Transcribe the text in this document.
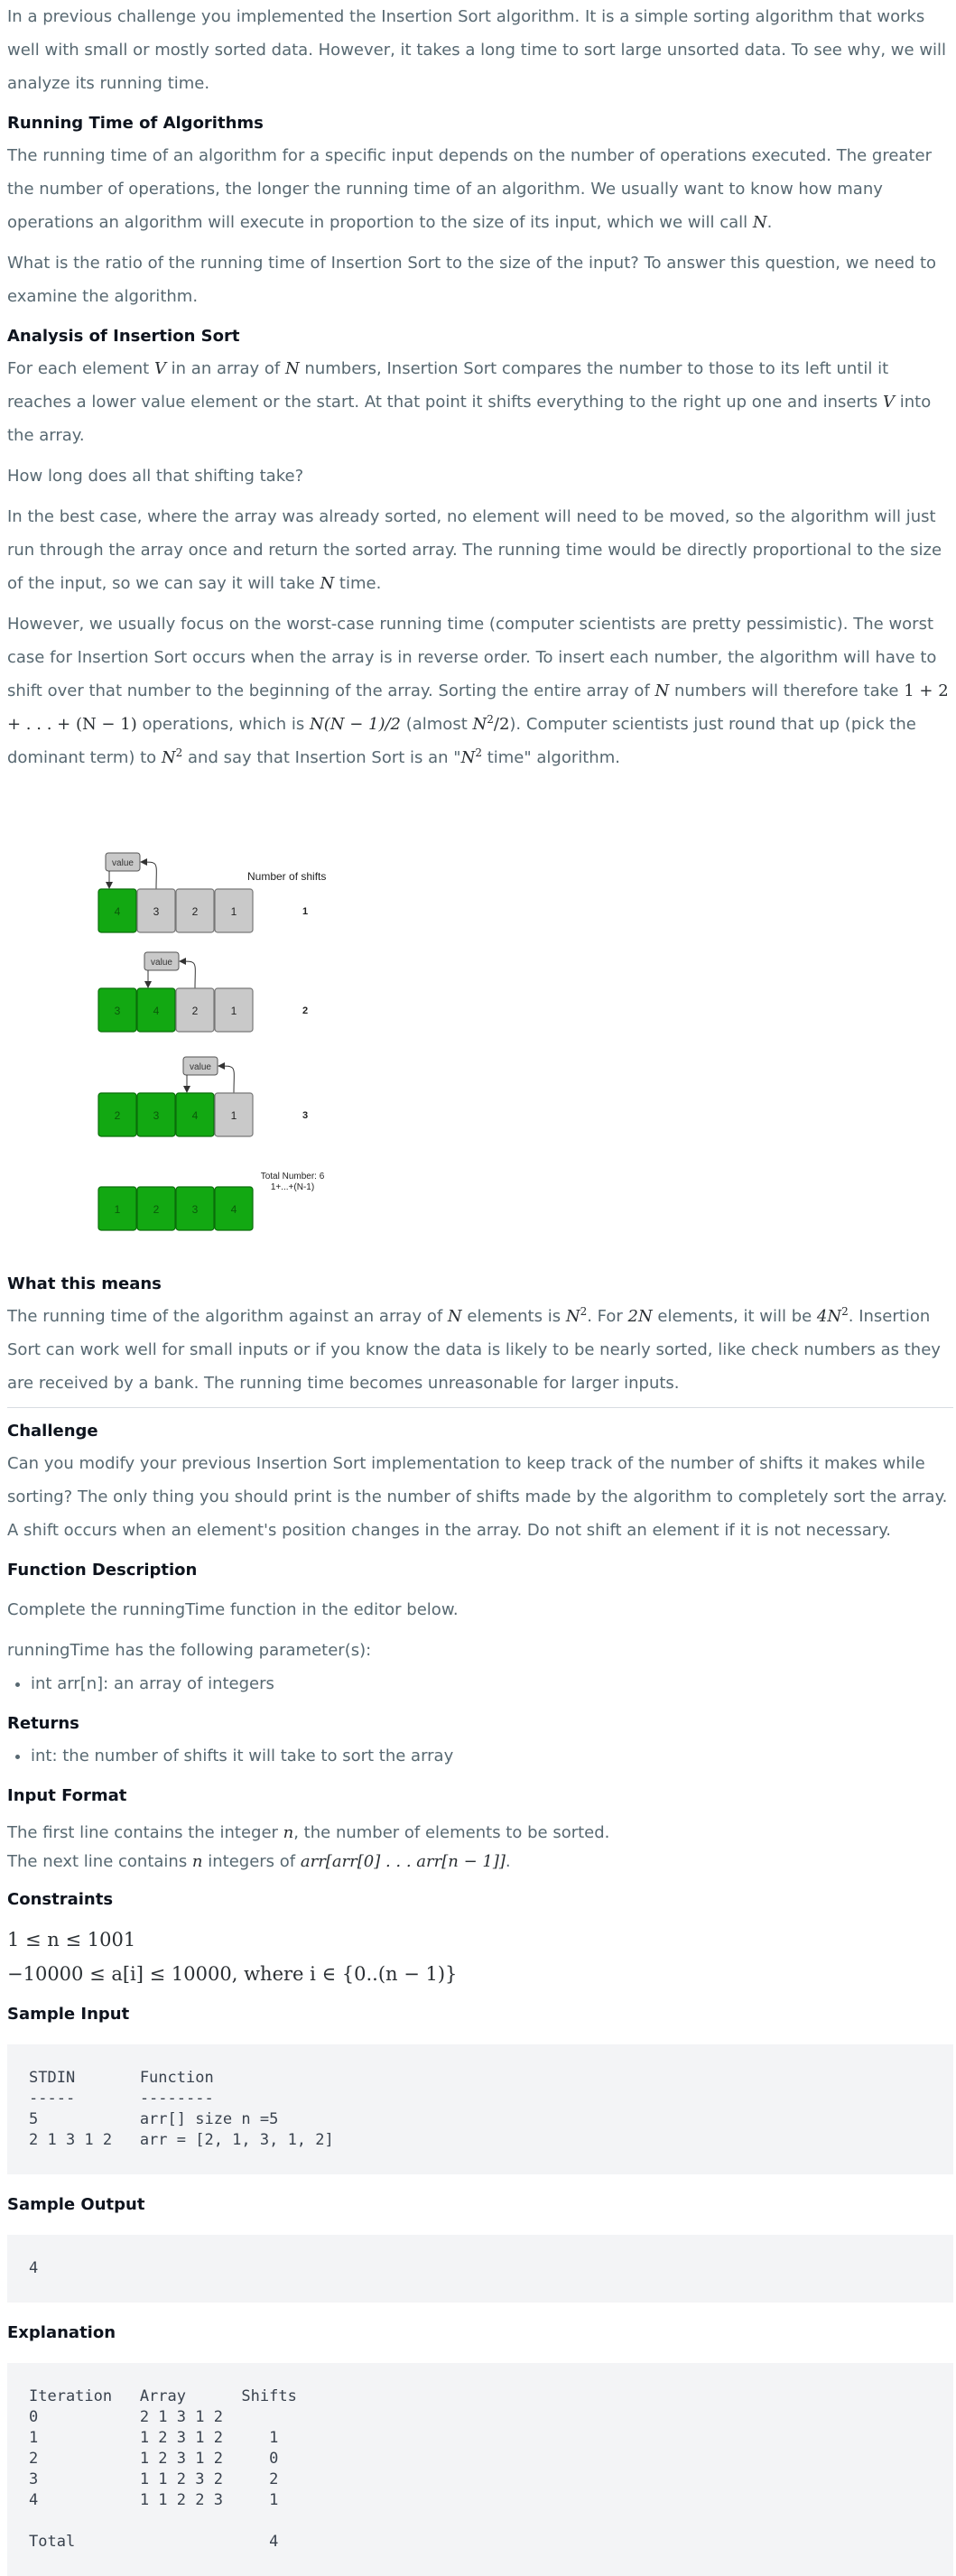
In a previous challenge you implemented the Insertion Sort algorithm. It is a simple sorting algorithm that works well with small or mostly sorted data. However, it takes a long time to sort large unsorted data. To see why, we will analyze its running time.

Running Time of Algorithms

The running time of an algorithm for a specific input depends on the number of operations executed. The greater the number of operations, the longer the running time of an algorithm. We usually want to know how many operations an algorithm will execute in proportion to the size of its input, which we will call N.

What is the ratio of the running time of Insertion Sort to the size of the input? To answer this question, we need to examine the algorithm.

Analysis of Insertion Sort

For each element V in an array of N numbers, Insertion Sort compares the number to those to its left until it reaches a lower value element or the start. At that point it shifts everything to the right up one and inserts V into the array.

How long does all that shifting take?

In the best case, where the array was already sorted, no element will need to be moved, so the algorithm will just run through the array once and return the sorted array. The running time would be directly proportional to the size of the input, so we can say it will take N time.

However, we usually focus on the worst-case running time (computer scientists are pretty pessimistic). The worst case for Insertion Sort occurs when the array is in reverse order. To insert each number, the algorithm will have to shift over that number to the beginning of the array. Sorting the entire array of N numbers will therefore take 1 + 2 + . . . + (N − 1) operations, which is N(N − 1)/2 (almost $N^2/2$). Computer scientists just round that up (pick the dominant term) to $N^2$ and say that Insertion Sort is an "$N^2$ time" algorithm.

Number of shifts
value
4	3	2	1	1
value
3	4	2	1	2
value
2	3	4	1	3
1	2	3	4
Total Number: 6
1+...+(N-1)
What this means

The running time of the algorithm against an array of N elements is $N^2$. For 2N elements, it will be $4N^2$. Insertion Sort can work well for small inputs or if you know the data is likely to be nearly sorted, like check numbers as they are received by a bank. The running time becomes unreasonable for larger inputs.

Challenge

Can you modify your previous Insertion Sort implementation to keep track of the number of shifts it makes while sorting? The only thing you should print is the number of shifts made by the algorithm to completely sort the array. A shift occurs when an element's position changes in the array. Do not shift an element if it is not necessary.

Function Description

Complete the runningTime function in the editor below.

runningTime has the following parameter(s):

• int arr[n]: an array of integers
Returns
• int: the number of shifts it will take to sort the array
Input Format

The first line contains the integer n, the number of elements to be sorted.

The next line contains n integers of arr[arr[0] . . . arr[n − 1]].

Constraints
1 ≤ n ≤ 1001
−10000 ≤ a[i] ≤ 10000, where i ∈ {0..(n − 1)}
Sample Input
STDIN       Function
-----       --------
5           arr[] size n =5
2 1 3 1 2   arr = [2, 1, 3, 1, 2]
Sample Output
4
Explanation
Iteration   Array      Shifts
0           2 1 3 1 2
1           1 2 3 1 2     1
2           1 2 3 1 2     0
3           1 1 2 3 2     2
4           1 1 2 2 3     1

Total                     4
